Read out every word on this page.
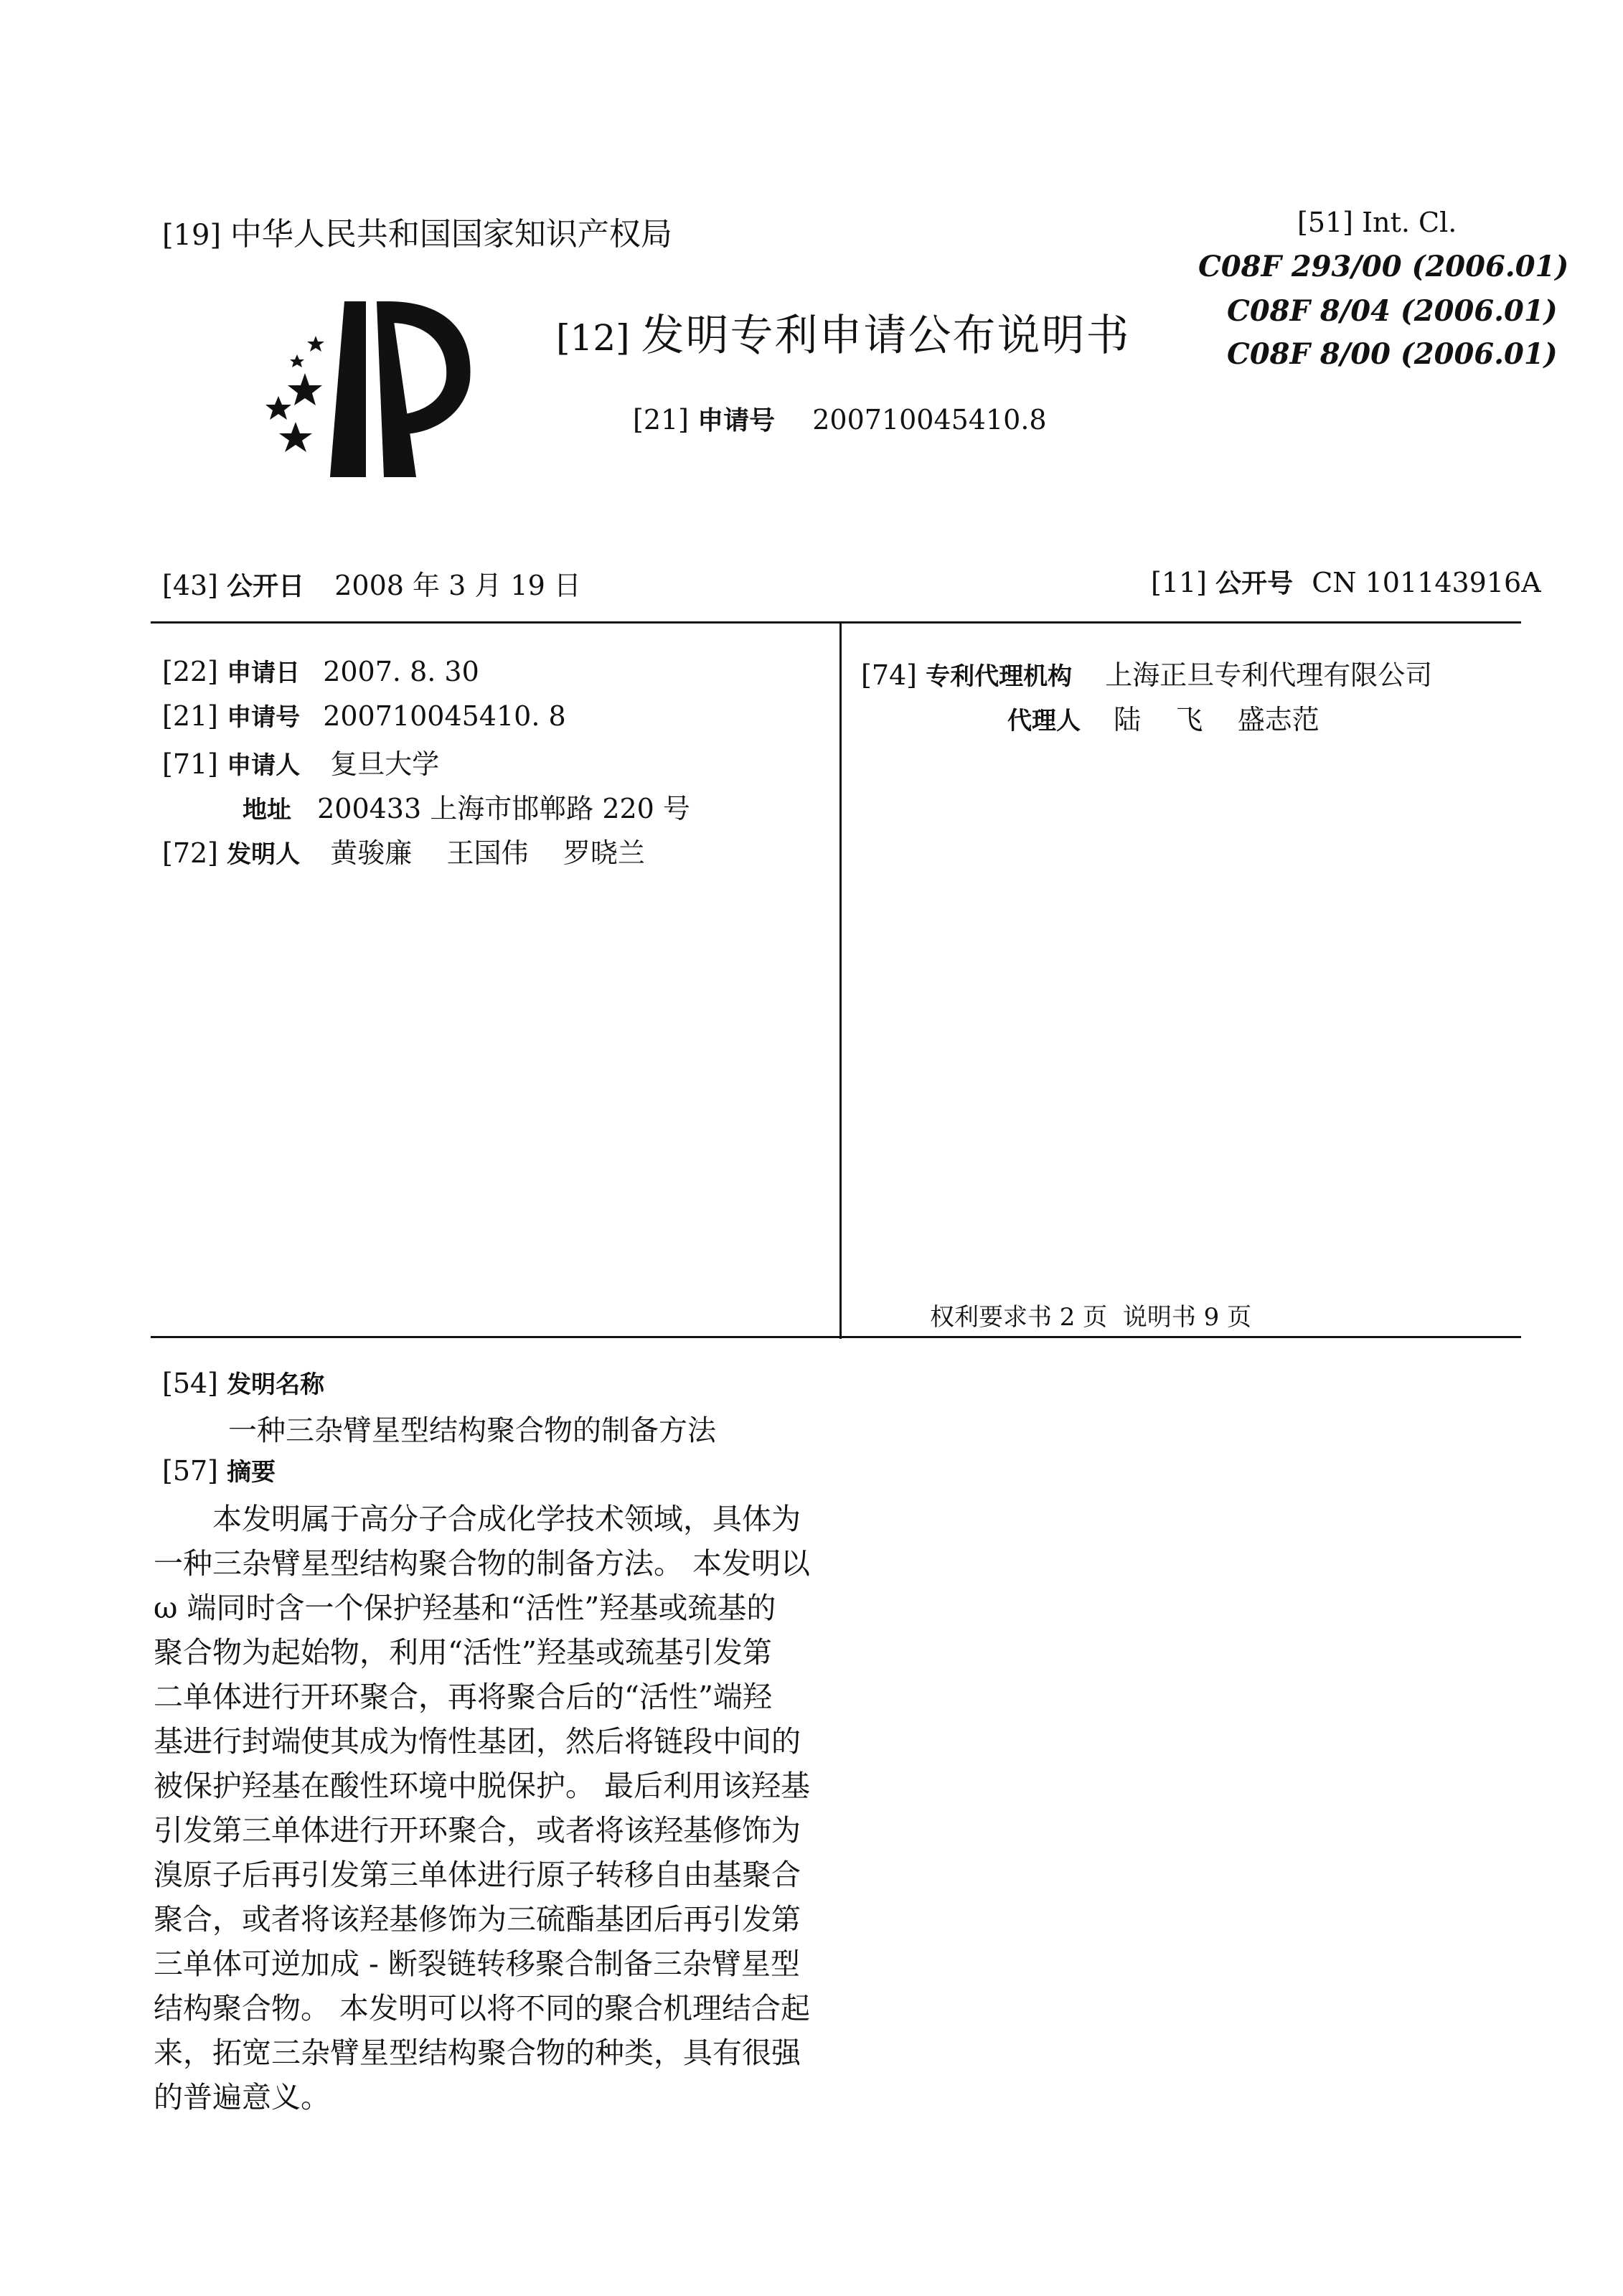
[19] 中华人民共和国国家知识产权局
[12] 发明专利申请公布说明书
[21] 申请号 200710045410.8
[51] Int. Cl.
C08F 293/00 (2006.01)
C08F 8/04 (2006.01)
C08F 8/00 (2006.01)
[43] 公开日 2008 年 3 月 19 日	[11] 公开号 CN 101143916A
[22] 申请日 2007. 8. 30
[21] 申请号 200710045410. 8
[71] 申请人 复旦大学
地址 200433 上海市邯郸路 220 号
[72] 发明人 黄骏廉    王国伟    罗晓兰
[74] 专利代理机构 上海正旦专利代理有限公司
代理人 陆    飞    盛志范
权利要求书 2 页  说明书 9 页
[54] 发明名称
一种三杂臂星型结构聚合物的制备方法
[57] 摘要
本发明属于高分子合成化学技术领域，具体为
一种三杂臂星型结构聚合物的制备方法。 本发明以
ω 端同时含一个保护羟基和“活性”羟基或巯基的
聚合物为起始物，利用“活性”羟基或巯基引发第
二单体进行开环聚合，再将聚合后的“活性”端羟
基进行封端使其成为惰性基团，然后将链段中间的
被保护羟基在酸性环境中脱保护。 最后利用该羟基
引发第三单体进行开环聚合，或者将该羟基修饰为
溴原子后再引发第三单体进行原子转移自由基聚合
聚合，或者将该羟基修饰为三硫酯基团后再引发第
三单体可逆加成 - 断裂链转移聚合制备三杂臂星型
结构聚合物。 本发明可以将不同的聚合机理结合起
来，拓宽三杂臂星型结构聚合物的种类，具有很强
的普遍意义。
